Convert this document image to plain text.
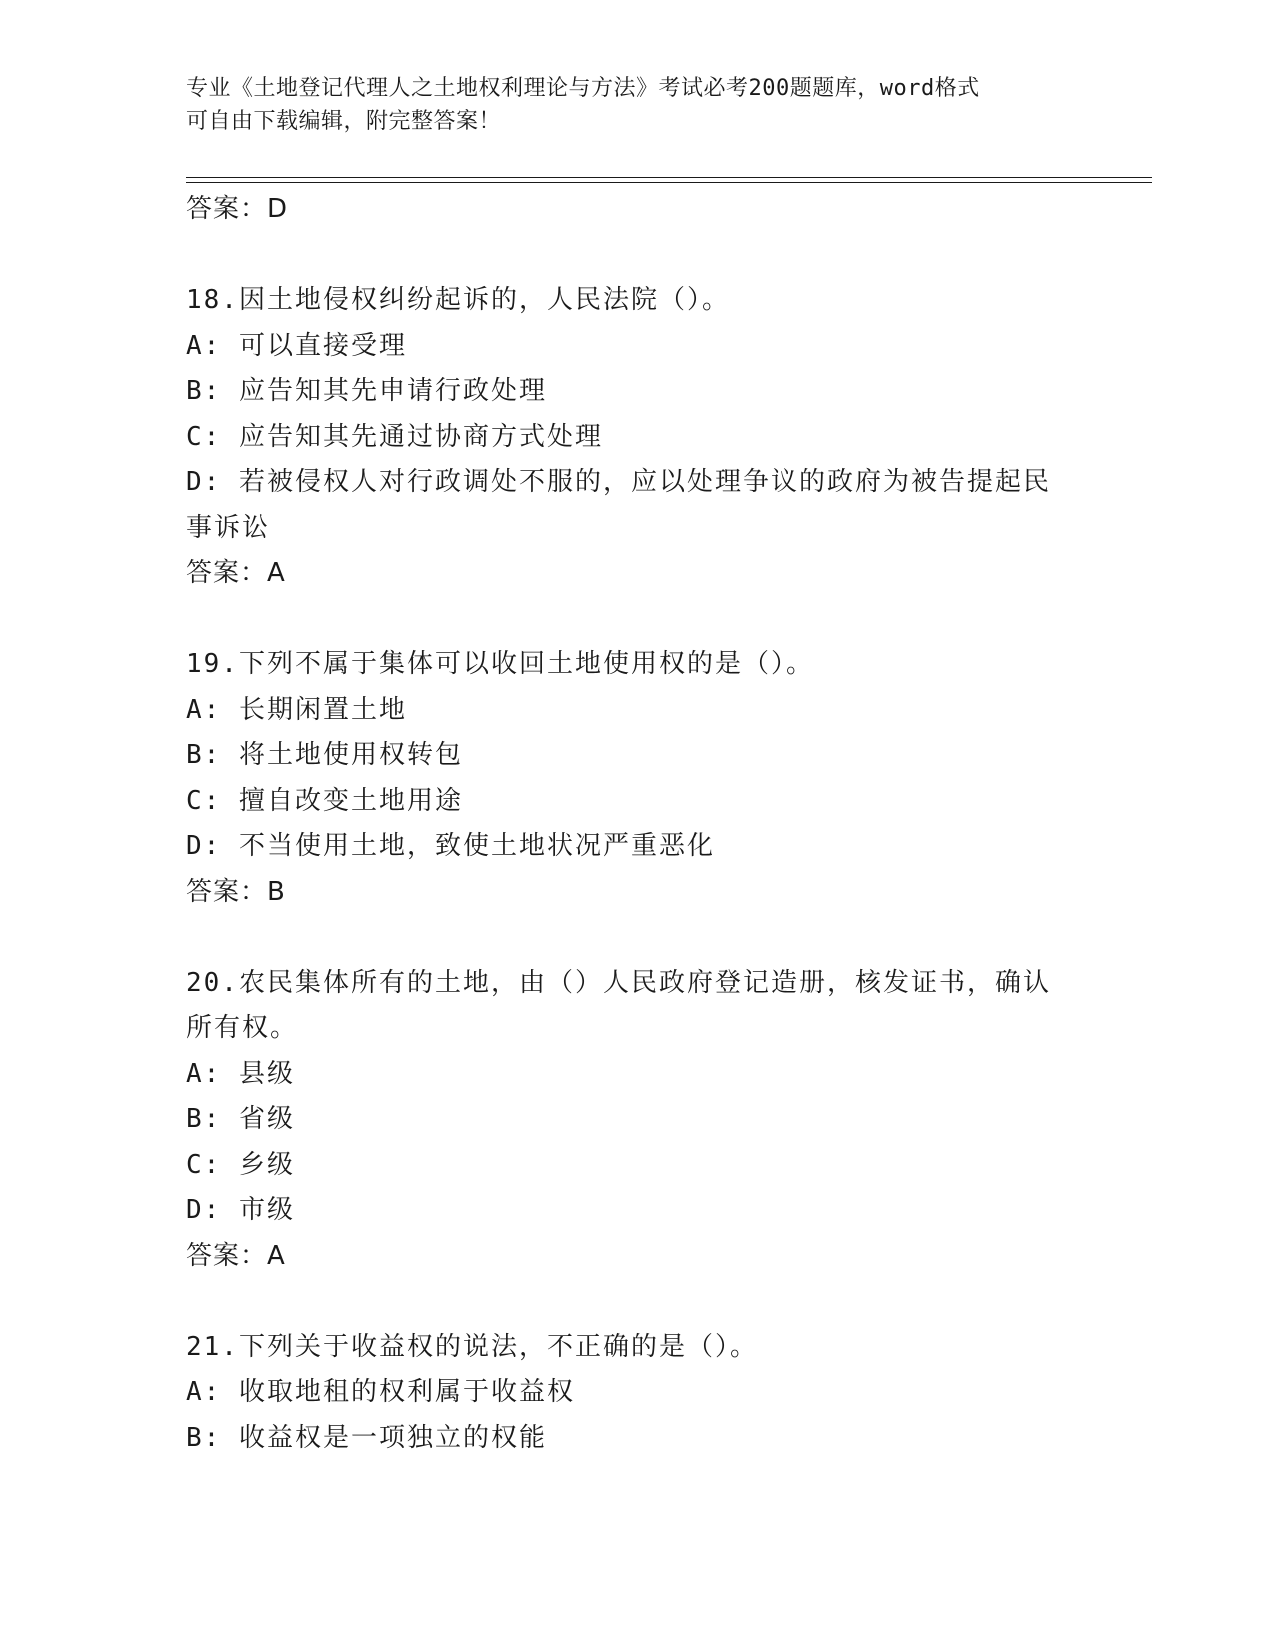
专业《土地登记代理人之土地权利理论与方法》考试必考200题题库，word格式
可自由下载编辑，附完整答案！
答案：D
18.因土地侵权纠纷起诉的，人民法院（）。
A: 可以直接受理
B: 应告知其先申请行政处理
C: 应告知其先通过协商方式处理
D: 若被侵权人对行政调处不服的，应以处理争议的政府为被告提起民
事诉讼
答案：A
19.下列不属于集体可以收回土地使用权的是（）。
A: 长期闲置土地
B: 将土地使用权转包
C: 擅自改变土地用途
D: 不当使用土地，致使土地状况严重恶化
答案：B
20.农民集体所有的土地，由（）人民政府登记造册，核发证书，确认
所有权。
A: 县级
B: 省级
C: 乡级
D: 市级
答案：A
21.下列关于收益权的说法，不正确的是（）。
A: 收取地租的权利属于收益权
B: 收益权是一项独立的权能
